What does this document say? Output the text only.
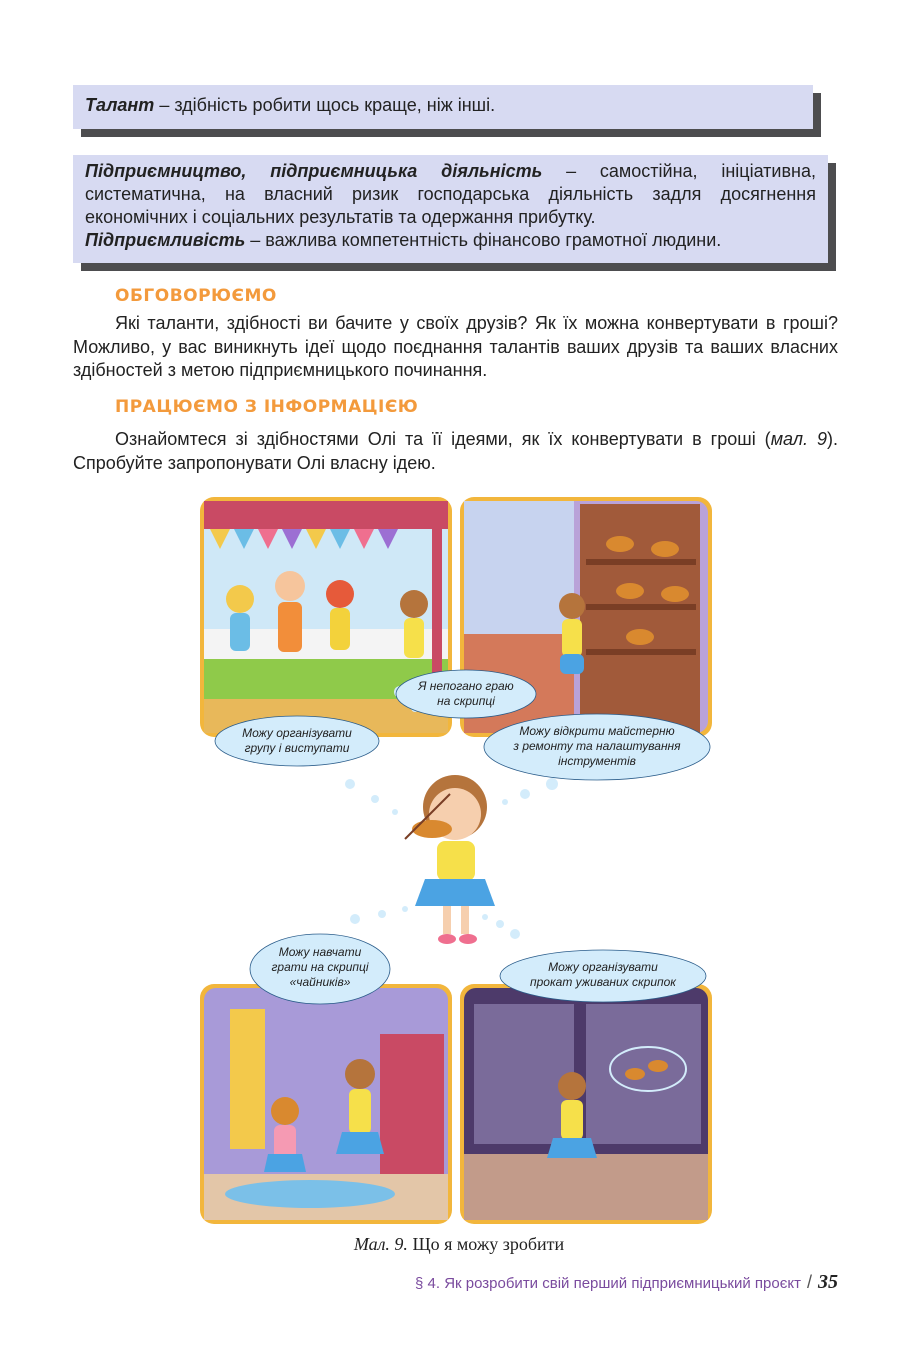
Талант – здібність робити щось краще, ніж інші.
Підприємництво, підприємницька діяльність – самостійна, ініціативна, систематична, на власний ризик господарська діяльність задля досягнення економічних і соціальних результатів та одержання прибутку.
Підприємливість – важлива компетентність фінансово грамотної людини.
ОБГОВОРЮЄМО
Які таланти, здібності ви бачите у своїх друзів? Як їх можна конвертувати в гроші? Можливо, у вас виникнуть ідеї щодо поєднання талантів ваших друзів та ваших власних здібностей з метою підприємницького починання.
ПРАЦЮЄМО З ІНФОРМАЦІЄЮ
Ознайомтеся зі здібностями Олі та її ідеями, як їх конвертувати в гроші (мал. 9). Спробуйте запропонувати Олі власну ідею.
Я непогано граю
на скрипці
Можу організувати
групу і виступати
Можу відкрити майстерню
з ремонту та налаштування
інструментів
Можу навчати
грати на скрипці
«чайників»
Можу організувати
прокат уживаних скрипок
Мал. 9. Що я можу зробити
§ 4. Як розробити свій перший підприємницький проєкт / 35
